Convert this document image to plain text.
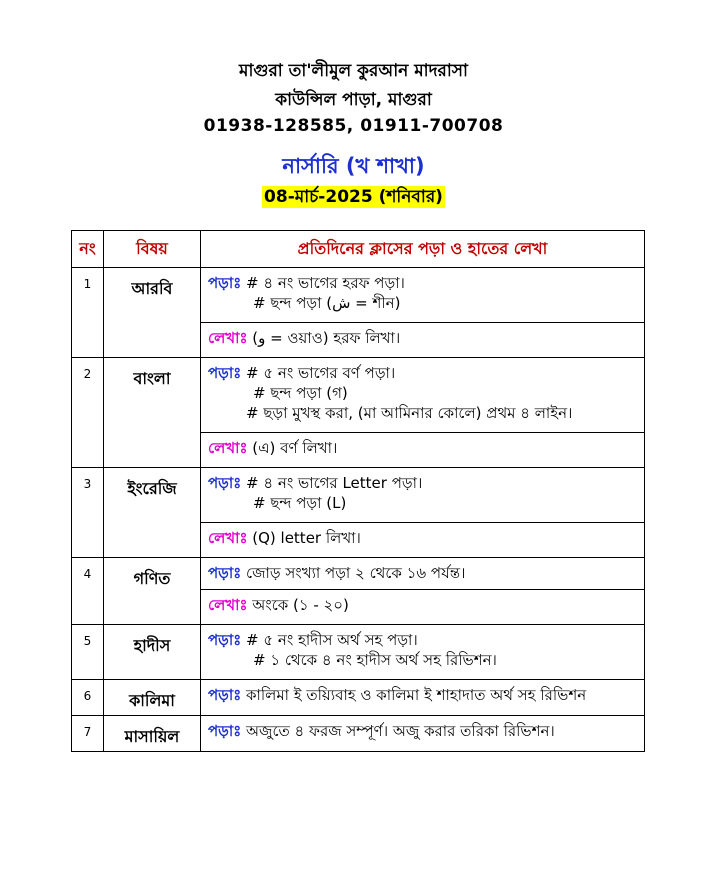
মাগুরা তা'লীমুল কুরআন মাদরাসা
কাউন্সিল পাড়া, মাগুরা
01938-128585, 01911-700708
নার্সারি (খ শাখা)
08-মার্চ-2025 (শনিবার)
নং	বিষয়	প্রতিদিনের ক্লাসের পড়া ও হাতের লেখা
1	আরবি	পড়াঃ # ৪ নং ভাগের হরফ পড়া।
# ছন্দ পড়া (ش = শীন)

		লেখাঃ (و = ওয়াও) হরফ লিখা।
2	বাংলা	পড়াঃ # ৫ নং ভাগের বর্ণ পড়া।
# ছন্দ পড়া (গ)
# ছড়া মুখস্থ করা, (মা আমিনার কোলে) প্রথম ৪ লাইন।

		লেখাঃ (এ) বর্ণ লিখা।
3	ইংরেজি	পড়াঃ # ৪ নং ভাগের Letter পড়া।
# ছন্দ পড়া (L)

		লেখাঃ (Q) letter লিখা।
4	গণিত	পড়াঃ জোড় সংখ্যা পড়া ২ থেকে ১৬ পর্যন্ত।
		লেখাঃ অংকে (১ - ২০)
5	হাদীস	পড়াঃ # ৫ নং হাদীস অর্থ সহ পড়া।
# ১ থেকে ৪ নং হাদীস অর্থ সহ রিভিশন।

6	কালিমা	পড়াঃ কালিমা ই তয়্যিবাহ ও কালিমা ই শাহাদাত অর্থ সহ রিভিশন
7	মাসায়িল	পড়াঃ অজুতে ৪ ফরজ সম্পূর্ণ। অজু করার তরিকা রিভিশন।
